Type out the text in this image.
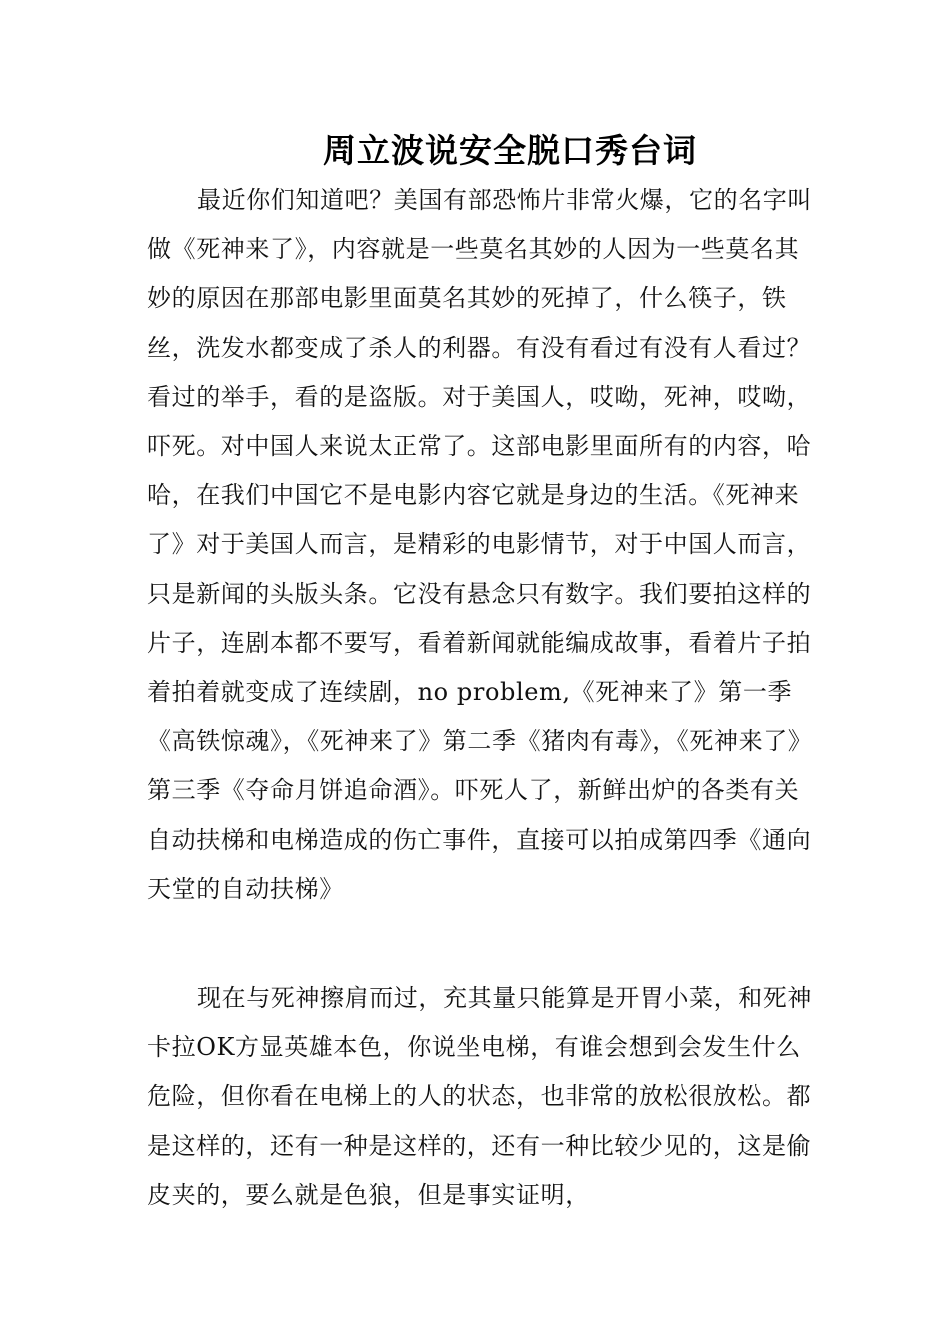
周立波说安全脱口秀台词

最近你们知道吧？美国有部恐怖片非常火爆，它的名字叫做《死神来了》，内容就是一些莫名其妙的人因为一些莫名其妙的原因在那部电影里面莫名其妙的死掉了，什么筷子，铁丝，洗发水都变成了杀人的利器。有没有看过有没有人看过？看过的举手，看的是盗版。对于美国人，哎呦，死神，哎呦，吓死。对中国人来说太正常了。这部电影里面所有的内容，哈哈，在我们中国它不是电影内容它就是身边的生活。《死神来了》对于美国人而言，是精彩的电影情节，对于中国人而言，只是新闻的头版头条。它没有悬念只有数字。我们要拍这样的片子，连剧本都不要写，看着新闻就能编成故事，看着片子拍着拍着就变成了连续剧，no problem,《死神来了》第一季《高铁惊魂》，《死神来了》第二季《猪肉有毒》，《死神来了》第三季《夺命月饼追命酒》。吓死人了，新鲜出炉的各类有关自动扶梯和电梯造成的伤亡事件，直接可以拍成第四季《通向天堂的自动扶梯》

现在与死神擦肩而过，充其量只能算是开胃小菜，和死神卡拉OK方显英雄本色，你说坐电梯，有谁会想到会发生什么危险，但你看在电梯上的人的状态，也非常的放松很放松。都是这样的，还有一种是这样的，还有一种比较少见的，这是偷皮夹的，要么就是色狼，但是事实证明，
